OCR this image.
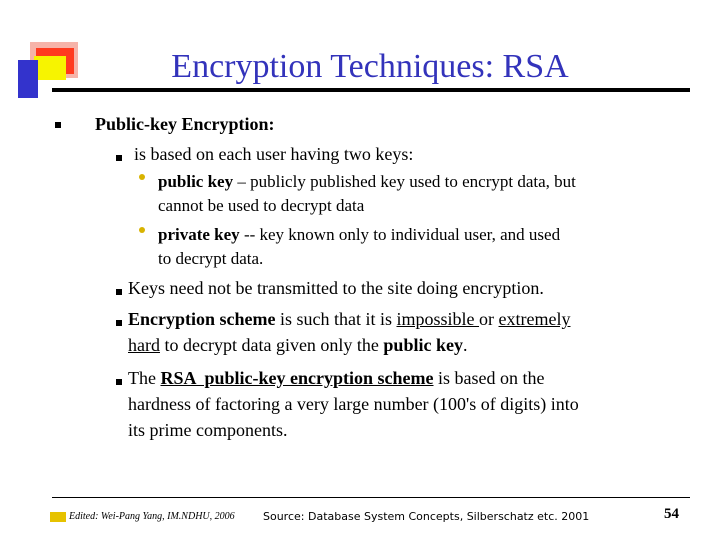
Encryption Techniques: RSA
Public-key Encryption:
is based on each user having two keys:
public key – publicly published key used to encrypt data, but
cannot be used to decrypt data
private key -- key known only to individual user, and used
to decrypt data.
Keys need not be transmitted to the site doing encryption.
Encryption scheme is such that it is impossible or extremely
hard to decrypt data given only the public key.
The RSA  public-key encryption scheme is based on the
hardness of factoring a very large number (100's of digits) into
its prime components.
Edited: Wei-Pang Yang, IM.NDHU, 2006	Source: Database System Concepts, Silberschatz etc. 2001	54
